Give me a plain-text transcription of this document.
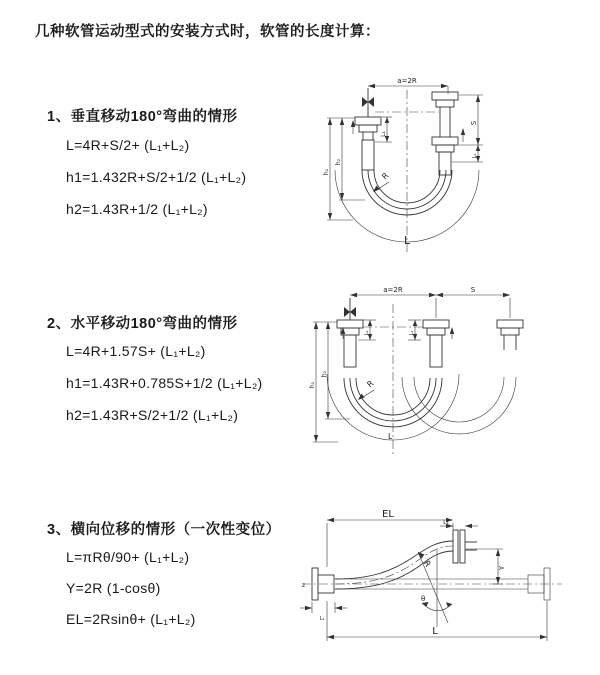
几种软管运动型式的安装方式时，软管的长度计算：
1、垂直移动180°弯曲的情形
L=4R+S/2+ (L₁+L₂)
h1=1.432R+S/2+1/2 (L₁+L₂)
h2=1.43R+1/2 (L₁+L₂)
2、水平移动180°弯曲的情形
L=4R+1.57S+ (L₁+L₂)
h1=1.43R+0.785S+1/2 (L₁+L₂)
h2=1.43R+S/2+1/2 (L₁+L₂)
3、横向位移的情形（一次性变位）
L=πRθ/90+ (L₁+L₂)
Y=2R (1-cosθ)
EL=2Rsinθ+ (L₁+L₂)
a=2R
L₁
S
L₁
h₁
h₂
R
L
a=2R	S
L₁	L₁
h₁
h₂
R
L
EL
L₁
Y
R
θ
L₁
z
L
